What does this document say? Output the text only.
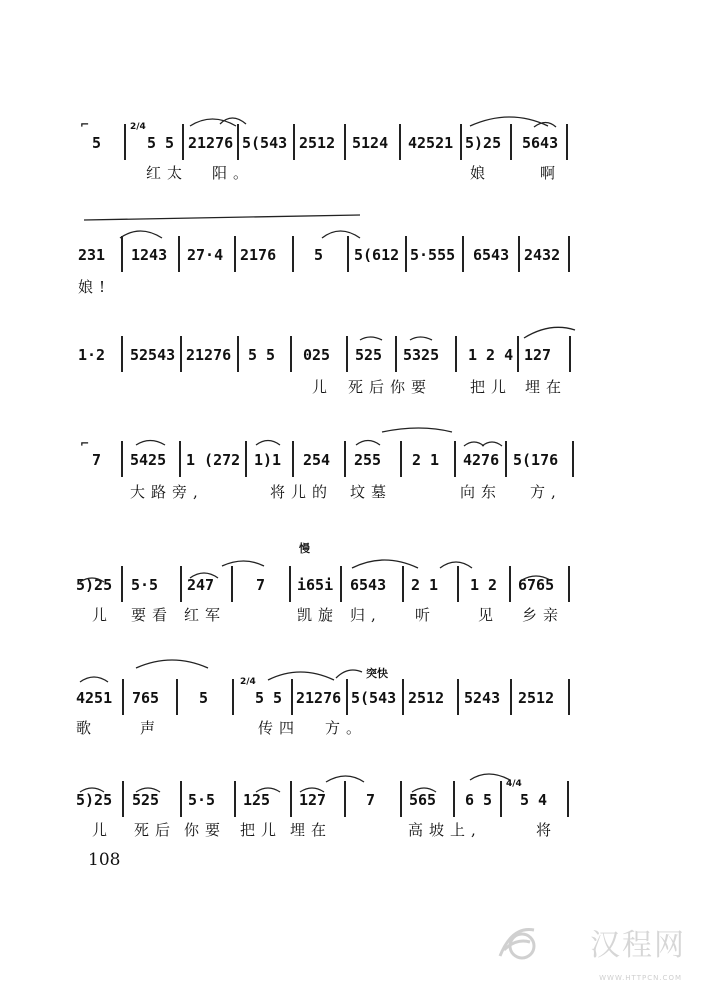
⌐
5
2/4
5 5 21276 5(543 2512 5124 42521 5)25 5643
红太 阳。	娘	啊
231 1243 27·4 2176	5 5(612 5·555 6543 2432
娘!
1·2 52543 21276 5 5 025 525 5325 1 2 4 127
儿 死后你要	把儿 埋在
⌐
7 5425 1 (272 1)1 254 255 2 1 4276 5(176
大路旁,	将儿的 坟墓	向东 方,
慢
5)25 5·5 247	7 i65i 6543 2 1 1 2 6765
儿 要看 红军	凯旋 归, 听	见 乡亲
突快
4251 765	5
2/4
5 5 21276 5(543 2512 5243 2512
歌	声	传四 方。
5)25 525 5·5 125 127	7 565 6 5
4/4
5 4
儿 死后 你要 把儿 埋在	高坡上,	将
108
汉程网
WWW.HTTPCN.COM
